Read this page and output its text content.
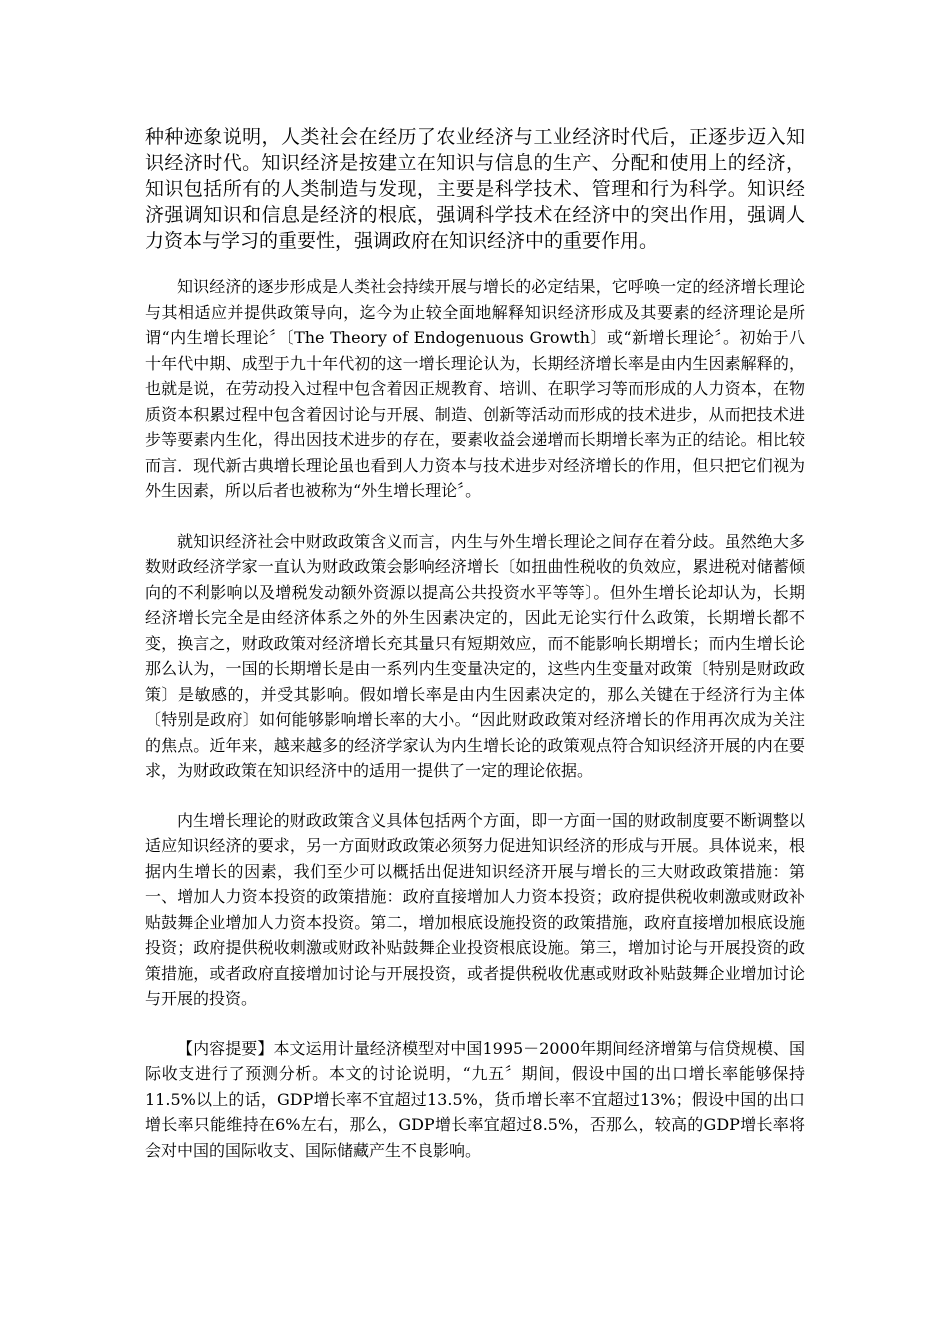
种种迹象说明，人类社会在经历了农业经济与工业经济时代后，正逐步迈入知识经济时代。知识经济是按建立在知识与信息的生产、分配和使用上的经济，知识包括所有的人类制造与发现，主要是科学技术、管理和行为科学。知识经济强调知识和信息是经济的根底，强调科学技术在经济中的突出作用，强调人力资本与学习的重要性，强调政府在知识经济中的重要作用。

知识经济的逐步形成是人类社会持续开展与增长的必定结果，它呼唤一定的经济增长理论与其相适应并提供政策导向，迄今为止较全面地解释知识经济形成及其要素的经济理论是所谓“内生增长理论〞〔The Theory of Endogenuous Growth〕或“新增长理论〞。初始于八十年代中期、成型于九十年代初的这一增长理论认为，长期经济增长率是由内生因素解释的，也就是说，在劳动投入过程中包含着因正规教育、培训、在职学习等而形成的人力资本，在物质资本积累过程中包含着因讨论与开展、制造、创新等活动而形成的技术进步，从而把技术进步等要素内生化，得出因技术进步的存在，要素收益会递增而长期增长率为正的结论。相比较而言．现代新古典增长理论虽也看到人力资本与技术进步对经济增长的作用，但只把它们视为外生因素，所以后者也被称为“外生增长理论〞。

就知识经济社会中财政政策含义而言，内生与外生增长理论之间存在着分歧。虽然绝大多数财政经济学家一直认为财政政策会影响经济增长〔如扭曲性税收的负效应，累进税对储蓄倾向的不利影响以及增税发动额外资源以提高公共投资水平等等〕。但外生增长论却认为，长期经济增长完全是由经济体系之外的外生因素决定的，因此无论实行什么政策，长期增长都不变，换言之，财政政策对经济增长充其量只有短期效应，而不能影响长期增长；而内生增长论那么认为，一国的长期增长是由一系列内生变量决定的，这些内生变量对政策〔特别是财政政策〕是敏感的，并受其影响。假如增长率是由内生因素决定的，那么关键在于经济行为主体〔特别是政府〕如何能够影响增长率的大小。“因此财政政策对经济增长的作用再次成为关注的焦点。近年来，越来越多的经济学家认为内生增长论的政策观点符合知识经济开展的内在要求，为财政政策在知识经济中的适用一提供了一定的理论依据。

内生增长理论的财政政策含义具体包括两个方面，即一方面一国的财政制度要不断调整以适应知识经济的要求，另一方面财政政策必须努力促进知识经济的形成与开展。具体说来，根据内生增长的因素，我们至少可以概括出促进知识经济开展与增长的三大财政政策措施：第一、增加人力资本投资的政策措施：政府直接增加人力资本投资；政府提供税收刺激或财政补贴鼓舞企业增加人力资本投资。第二，增加根底设施投资的政策措施，政府直接增加根底设施投资；政府提供税收刺激或财政补贴鼓舞企业投资根底设施。第三，增加讨论与开展投资的政策措施，或者政府直接增加讨论与开展投资，或者提供税收优惠或财政补贴鼓舞企业增加讨论与开展的投资。

【内容提要】本文运用计量经济模型对中国1995－2000年期间经济增第与信贷规模、国际收支进行了预测分析。本文的讨论说明，“九五〞期间，假设中国的出口增长率能够保持11.5%以上的话，GDP增长率不宜超过13.5%，货币增长率不宜超过13%；假设中国的出口增长率只能维持在6%左右，那么，GDP增长率宜超过8.5%，否那么，较高的GDP增长率将会对中国的国际收支、国际储藏产生不良影响。
